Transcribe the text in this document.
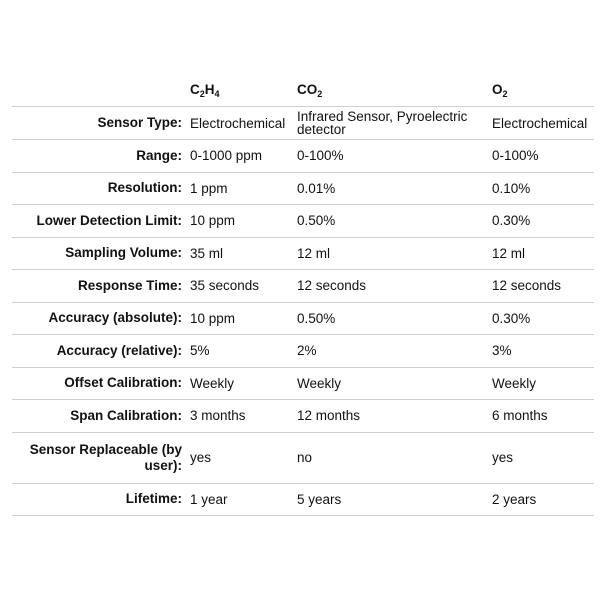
	$C_2H_4$	$CO_2$	$O_2$
Sensor Type:	Electrochemical	Infrared Sensor, Pyroelectric detector	Electrochemical
Range:	0-1000 ppm	0-100%	0-100%
Resolution:	1 ppm	0.01%	0.10%
Lower Detection Limit:	10 ppm	0.50%	0.30%
Sampling Volume:	35 ml	12 ml	12 ml
Response Time:	35 seconds	12 seconds	12 seconds
Accuracy (absolute):	10 ppm	0.50%	0.30%
Accuracy (relative):	5%	2%	3%
Offset Calibration:	Weekly	Weekly	Weekly
Span Calibration:	3 months	12 months	6 months
Sensor Replaceable (by user):	yes	no	yes
Lifetime:	1 year	5 years	2 years
